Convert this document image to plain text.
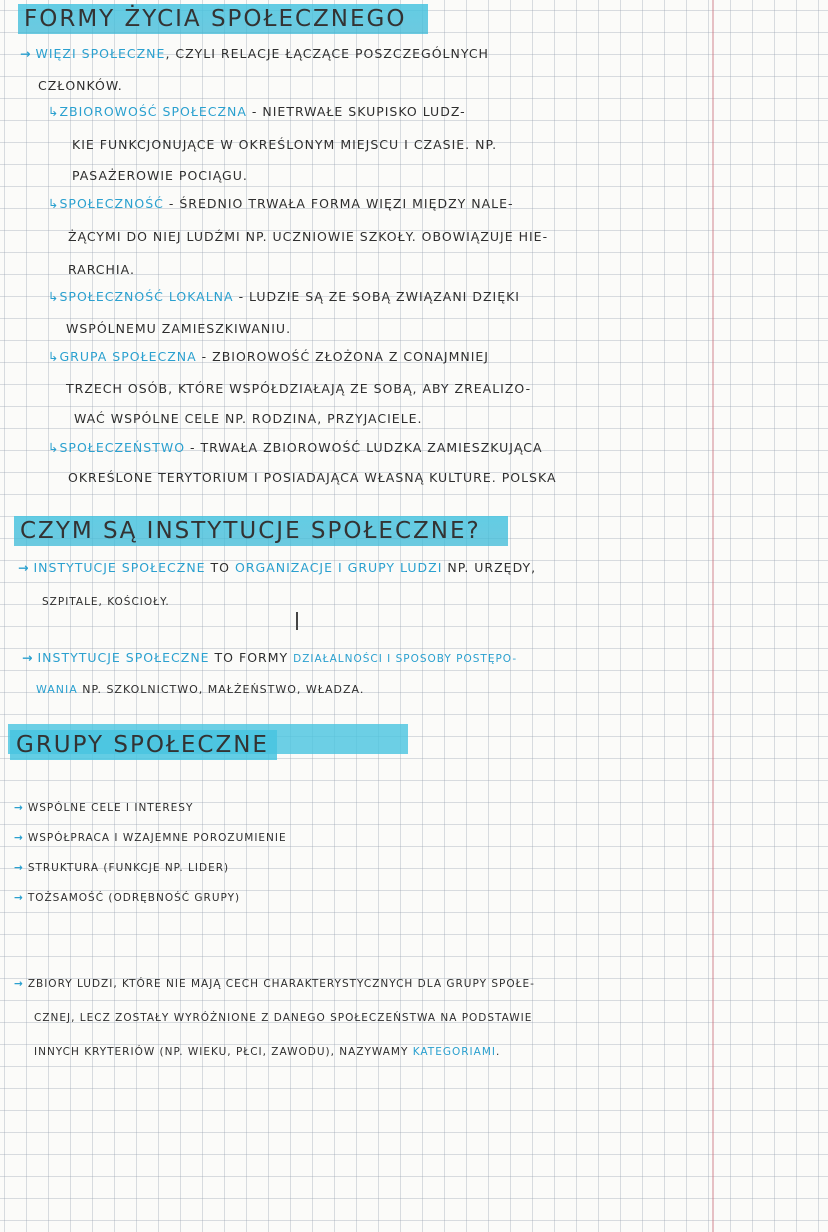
FORMY ŻYCIA SPOŁECZNEGO
→ WIĘZI SPOŁECZNE, CZYLI RELACJE ŁĄCZĄCE POSZCZEGÓLNYCH
CZŁONKÓW.
↳ZBIOROWOŚĆ SPOŁECZNA - NIETRWAŁE SKUPISKO LUDZ-
KIE FUNKCJONUJĄCE W OKREŚLONYM MIEJSCU I CZASIE. NP.
PASAŻEROWIE POCIĄGU.
↳SPOŁECZNOŚĆ - ŚREDNIO TRWAŁA FORMA WIĘZI MIĘDZY NALE-
ŻĄCYMI DO NIEJ LUDŹMI NP. UCZNIOWIE SZKOŁY. OBOWIĄZUJE HIE-
RARCHIA.
↳SPOŁECZNOŚĆ LOKALNA - LUDZIE SĄ ZE SOBĄ ZWIĄZANI DZIĘKI
WSPÓLNEMU ZAMIESZKIWANIU.
↳GRUPA SPOŁECZNA - ZBIOROWOŚĆ ZŁOŻONA Z CONAJMNIEJ
TRZECH OSÓB, KTÓRE WSPÓŁDZIAŁAJĄ ZE SOBĄ, ABY ZREALIZO-
WAĆ WSPÓLNE CELE NP. RODZINA, PRZYJACIELE.
↳SPOŁECZEŃSTWO - TRWAŁA ZBIOROWOŚĆ LUDZKA ZAMIESZKUJĄCA
OKREŚLONE TERYTORIUM I POSIADAJĄCA WŁASNĄ KULTURE. POLSKA
CZYM SĄ INSTYTUCJE SPOŁECZNE?
→ INSTYTUCJE SPOŁECZNE TO ORGANIZACJE I GRUPY LUDZI NP. URZĘDY,
SZPITALE, KOŚCIOŁY.
→ INSTYTUCJE SPOŁECZNE TO FORMY DZIAŁALNOŚCI I SPOSOBY POSTĘPO-
WANIA NP. SZKOLNICTWO, MAŁŻEŃSTWO, WŁADZA.
GRUPY SPOŁECZNE
→ WSPÓLNE CELE I INTERESY
→ WSPÓŁPRACA I WZAJEMNE POROZUMIENIE
→ STRUKTURA (FUNKCJE NP. LIDER)
→ TOŻSAMOŚĆ (ODRĘBNOŚĆ GRUPY)
→ ZBIORY LUDZI, KTÓRE NIE MAJĄ CECH CHARAKTERYSTYCZNYCH DLA GRUPY SPOŁE-
CZNEJ, LECZ ZOSTAŁY WYRÓŻNIONE Z DANEGO SPOŁECZEŃSTWA NA PODSTAWIE
INNYCH KRYTERIÓW (NP. WIEKU, PŁCI, ZAWODU), NAZYWAMY KATEGORIAMI.
